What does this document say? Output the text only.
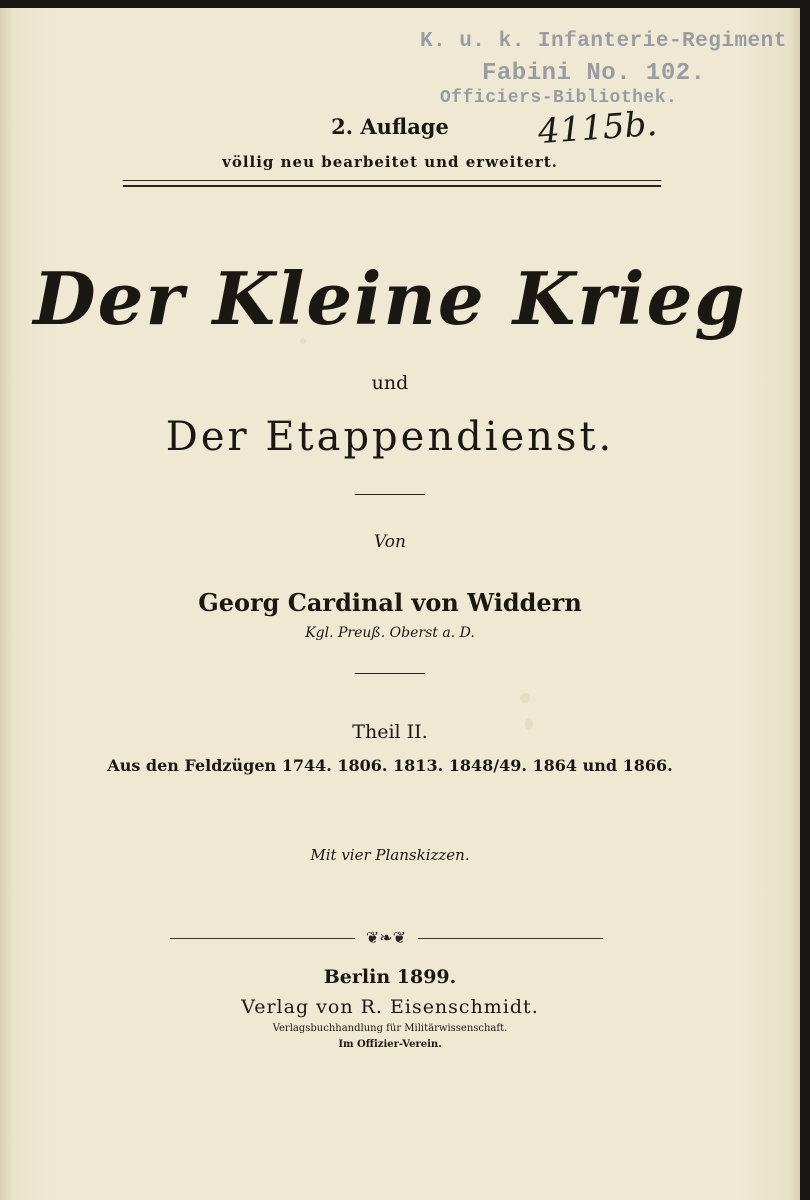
K. u. k. Infanterie-Regiment
Fabini No. 102.
Officiers-Bibliothek.
4115b.
2. Auflage
völlig neu bearbeitet und erweitert.
Der Kleine Krieg
und
Der Etappendienst.
Von
Georg Cardinal von Widdern
Kgl. Preuß. Oberst a. D.
Theil II.
Aus den Feldzügen 1744. 1806. 1813. 1848/49. 1864 und 1866.
Mit vier Planskizzen.
❦❧❦
Berlin 1899.
Verlag von R. Eisenschmidt.
Verlagsbuchhandlung für Militärwissenschaft.
Im Offizier-Verein.
